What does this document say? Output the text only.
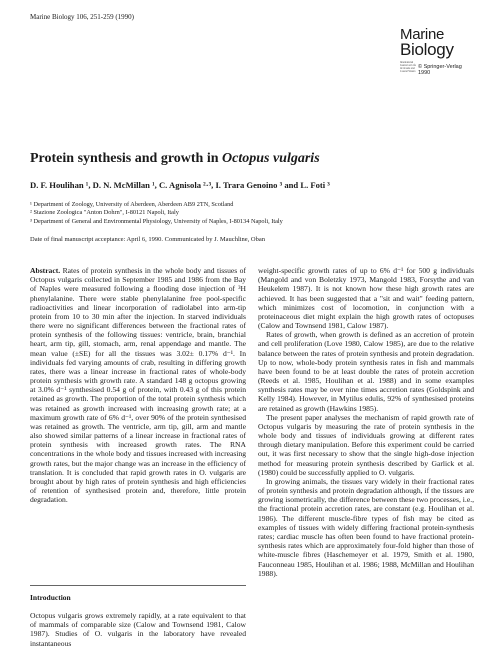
Marine Biology 106, 251-259 (1990)
Marine
Biology
International Journal on Life in Oceans and Coastal Waters
© Springer-Verlag 1990
Protein synthesis and growth in Octopus vulgaris
D. F. Houlihan ¹, D. N. McMillan ¹, C. Agnisola ²·³, I. Trara Genoino ³ and L. Foti ³
¹ Department of Zoology, University of Aberdeen, Aberdeen AB9 2TN, Scotland
² Stazione Zoologica "Anton Dohrn", I-80121 Napoli, Italy
³ Department of General and Environmental Physiology, University of Naples, I-80134 Napoli, Italy
Date of final manuscript acceptance: April 6, 1990. Communicated by J. Mauchline, Oban

Abstract. Rates of protein synthesis in the whole body and tissues of Octopus vulgaris collected in September 1985 and 1986 from the Bay of Naples were measured following a flooding dose injection of ³H phenylalanine. There were stable phenylalanine free pool-specific radioactivities and linear incorporation of radiolabel into arm-tip protein from 10 to 30 min after the injection. In starved individuals there were no significant differences between the fractional rates of protein synthesis of the following tissues: ventricle, brain, branchial heart, arm tip, gill, stomach, arm, renal appendage and mantle. The mean value (±SE) for all the tissues was 3.02± 0.17% d⁻¹. In individuals fed varying amounts of crab, resulting in differing growth rates, there was a linear increase in fractional rates of whole-body protein synthesis with growth rate. A standard 148 g octopus growing at 3.0% d⁻¹ synthesised 0.54 g of protein, with 0.43 g of this protein retained as growth. The proportion of the total protein synthesis which was retained as growth increased with increasing growth rate; at a maximum growth rate of 6% d⁻¹, over 90% of the protein synthesised was retained as growth. The ventricle, arm tip, gill, arm and mantle also showed similar patterns of a linear increase in fractional rates of protein synthesis with increased growth rates. The RNA concentrations in the whole body and tissues increased with increasing growth rates, but the major change was an increase in the efficiency of translation. It is concluded that rapid growth rates in O. vulgaris are brought about by high rates of protein synthesis and high efficiencies of retention of synthesised protein and, therefore, little protein degradation.

Introduction

Octopus vulgaris grows extremely rapidly, at a rate equivalent to that of mammals of comparable size (Calow and Townsend 1981, Calow 1987). Studies of O. vulgaris in the laboratory have revealed instantaneous

weight-specific growth rates of up to 6% d⁻¹ for 500 g individuals (Mangold and von Boletzky 1973, Mangold 1983, Forsythe and van Heukelem 1987). It is not known how these high growth rates are achieved. It has been suggested that a "sit and wait" feeding pattern, which minimizes cost of locomotion, in conjunction with a proteinaceous diet might explain the high growth rates of octopuses (Calow and Townsend 1981, Calow 1987).

Rates of growth, when growth is defined as an accretion of protein and cell proliferation (Love 1980, Calow 1985), are due to the relative balance between the rates of protein synthesis and protein degradation. Up to now, whole-body protein synthesis rates in fish and mammals have been found to be at least double the rates of protein accretion (Reeds et al. 1985, Houlihan et al. 1988) and in some examples synthesis rates may be over nine times accretion rates (Goldspink and Kelly 1984). However, in Mytilus edulis, 92% of synthesised proteins are retained as growth (Hawkins 1985).

The present paper analyses the mechanism of rapid growth rate of Octopus vulgaris by measuring the rate of protein synthesis in the whole body and tissues of individuals growing at different rates through dietary manipulation. Before this experiment could be carried out, it was first necessary to show that the single high-dose injection method for measuring protein synthesis described by Garlick et al. (1980) could be successfully applied to O. vulgaris.

In growing animals, the tissues vary widely in their fractional rates of protein synthesis and protein degradation although, if the tissues are growing isometrically, the difference between these two processes, i.e., the fractional protein accretion rates, are constant (e.g. Houlihan et al. 1986). The different muscle-fibre types of fish may be cited as examples of tissues with widely differing fractional protein-synthesis rates; cardiac muscle has often been found to have fractional protein-synthesis rates which are approximately four-fold higher than those of white-muscle fibres (Haschemeyer et al. 1979, Smith et al. 1980, Fauconneau 1985, Houlihan et al. 1986; 1988, McMillan and Houlihan 1988).
